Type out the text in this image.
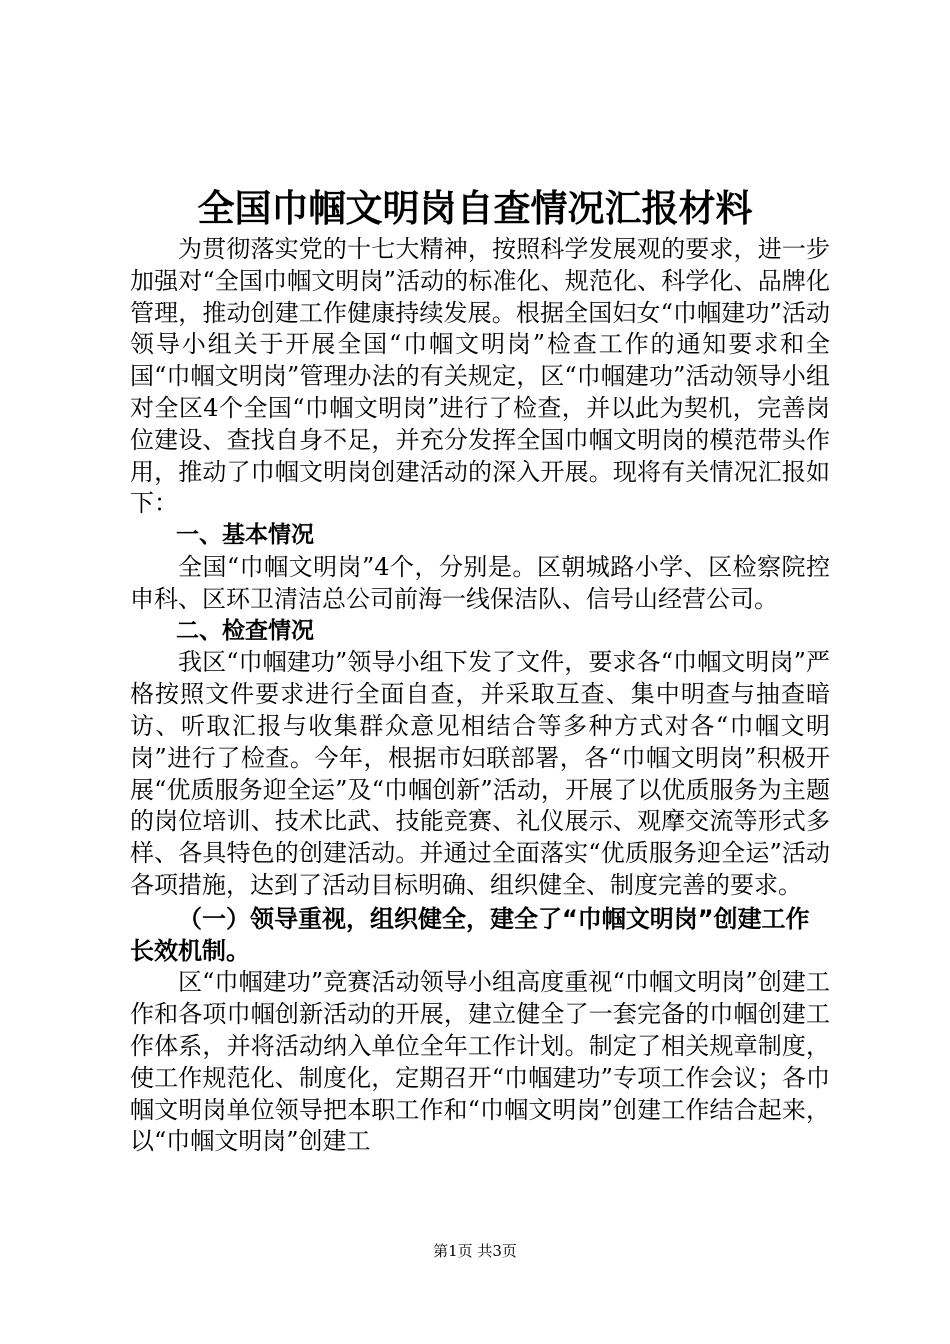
全国巾帼文明岗自查情况汇报材料

为贯彻落实党的十七大精神，按照科学发展观的要求，进一步加强对“全国巾帼文明岗”活动的标准化、规范化、科学化、品牌化管理，推动创建工作健康持续发展。根据全国妇女“巾帼建功”活动领导小组关于开展全国“巾帼文明岗”检查工作的通知要求和全国“巾帼文明岗”管理办法的有关规定，区“巾帼建功”活动领导小组对全区4个全国“巾帼文明岗”进行了检查，并以此为契机，完善岗位建设、查找自身不足，并充分发挥全国巾帼文明岗的模范带头作用，推动了巾帼文明岗创建活动的深入开展。现将有关情况汇报如下：

一、基本情况

全国“巾帼文明岗”4个，分别是。区朝城路小学、区检察院控申科、区环卫清洁总公司前海一线保洁队、信号山经营公司。

二、检查情况

我区“巾帼建功”领导小组下发了文件，要求各“巾帼文明岗”严格按照文件要求进行全面自查，并采取互查、集中明查与抽查暗访、听取汇报与收集群众意见相结合等多种方式对各“巾帼文明岗”进行了检查。今年，根据市妇联部署，各“巾帼文明岗”积极开展“优质服务迎全运”及“巾帼创新”活动，开展了以优质服务为主题的岗位培训、技术比武、技能竞赛、礼仪展示、观摩交流等形式多样、各具特色的创建活动。并通过全面落实“优质服务迎全运”活动各项措施，达到了活动目标明确、组织健全、制度完善的要求。

（一）领导重视，组织健全，建全了“巾帼文明岗”创建工作长效机制。

区“巾帼建功”竞赛活动领导小组高度重视“巾帼文明岗”创建工作和各项巾帼创新活动的开展，建立健全了一套完备的巾帼创建工作体系，并将活动纳入单位全年工作计划。制定了相关规章制度，使工作规范化、制度化，定期召开“巾帼建功”专项工作会议；各巾帼文明岗单位领导把本职工作和“巾帼文明岗”创建工作结合起来，以“巾帼文明岗”创建工

第1页 共3页
